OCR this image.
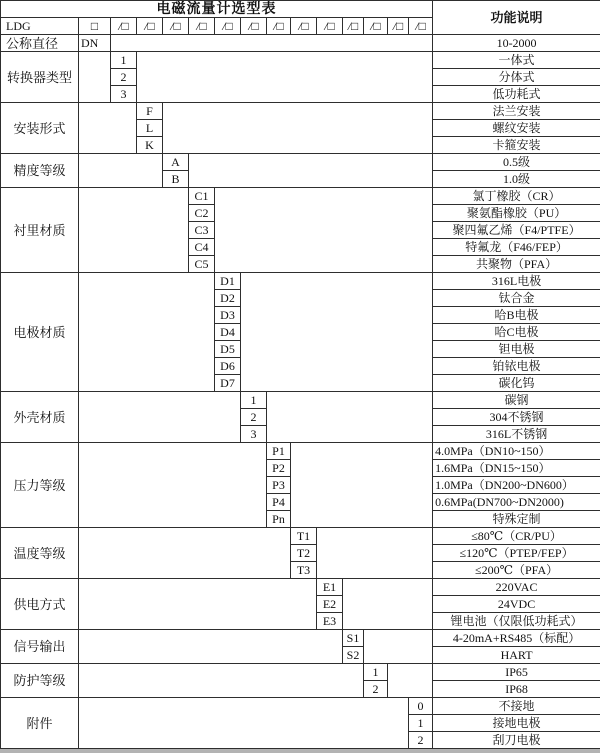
电磁流量计选型表															功能说明
LDG	□	/□	/□	/□	/□	/□	/□	/□	/□	/□	/□	/□	/□	/□	
公称直径	DN														10-2000
转换器类型		1													一体式
		2													分体式
		3													低功耗式
安装形式			F												法兰安装
			L												螺纹安装
			K												卡箍安装
精度等级				A											0.5级
				B											1.0级
衬里材质					C1										氯丁橡胶（CR）
					C2										聚氨酯橡胶（PU）
					C3										聚四氟乙烯（F4/PTFE）
					C4										特氟龙（F46/FEP）
					C5										共聚物（PFA）
电极材质						D1									316L电极
						D2									钛合金
						D3									哈B电极
						D4									哈C电极
						D5									钽电极
						D6									铂铱电极
						D7									碳化钨
外壳材质							1								碳钢
							2								304不锈钢
							3								316L不锈钢
压力等级								P1							4.0MPa（DN10~150）
								P2							1.6MPa（DN15~150）
								P3							1.0MPa（DN200~DN600）
								P4							0.6MPa(DN700~DN2000)
								Pn							特殊定制
温度等级									T1						≤80℃（CR/PU）
									T2						≤120℃（PTEP/FEP）
									T3						≤200℃（PFA）
供电方式										E1					220VAC
										E2					24VDC
										E3					锂电池（仅限低功耗式）
信号输出											S1				4-20mA+RS485（标配）
											S2				HART
防护等级												1			IP65
												2			IP68
附件														0	不接地
														1	接地电极
														2	刮刀电极
